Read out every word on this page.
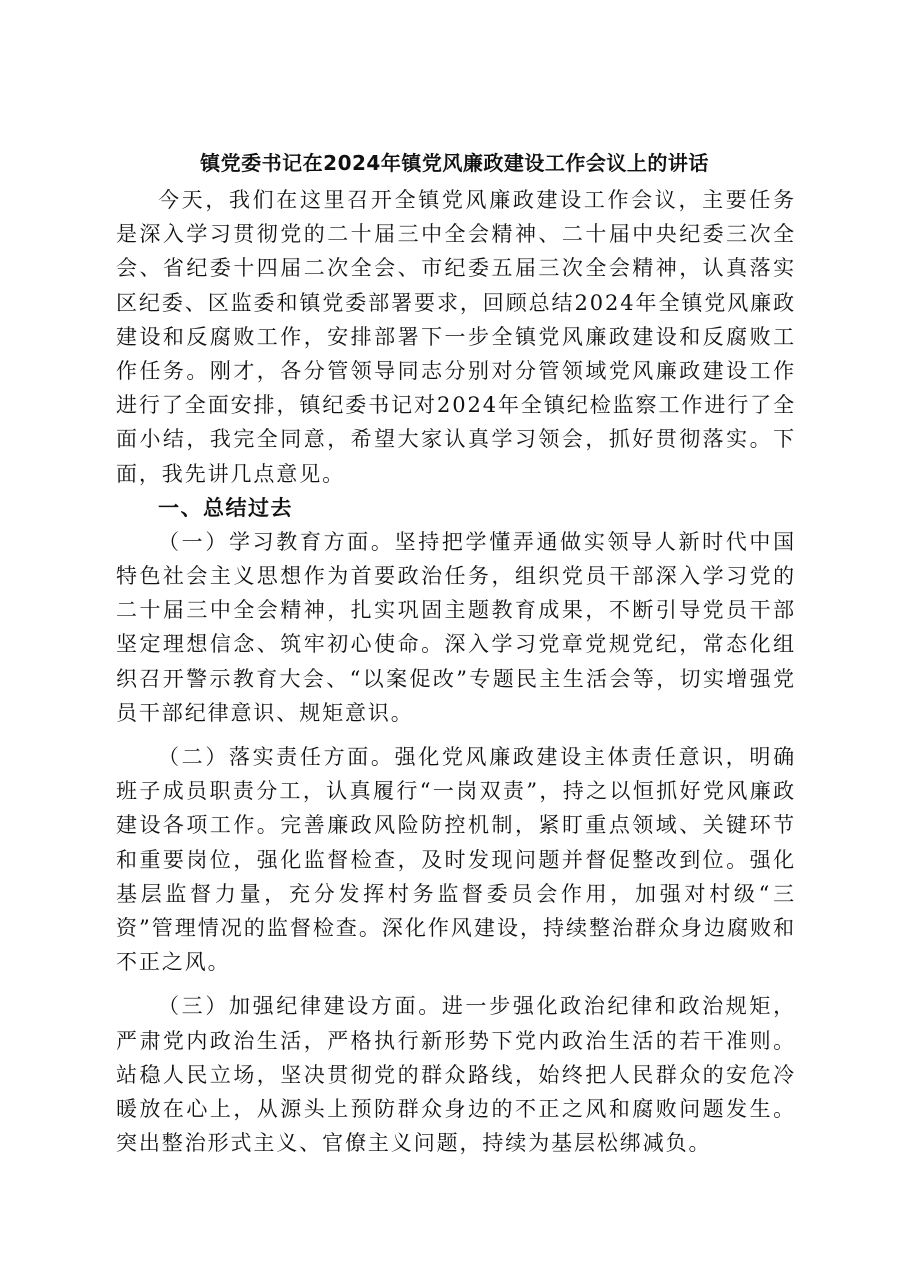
镇党委书记在2024年镇党风廉政建设工作会议上的讲话

今天，我们在这里召开全镇党风廉政建设工作会议，主要任务是深入学习贯彻党的二十届三中全会精神、二十届中央纪委三次全会、省纪委十四届二次全会、市纪委五届三次全会精神，认真落实区纪委、区监委和镇党委部署要求，回顾总结2024年全镇党风廉政建设和反腐败工作，安排部署下一步全镇党风廉政建设和反腐败工作任务。刚才，各分管领导同志分别对分管领域党风廉政建设工作进行了全面安排，镇纪委书记对2024年全镇纪检监察工作进行了全面小结，我完全同意，希望大家认真学习领会，抓好贯彻落实。下面，我先讲几点意见。

一、总结过去

（一）学习教育方面。坚持把学懂弄通做实领导人新时代中国特色社会主义思想作为首要政治任务，组织党员干部深入学习党的二十届三中全会精神，扎实巩固主题教育成果，不断引导党员干部坚定理想信念、筑牢初心使命。深入学习党章党规党纪，常态化组织召开警示教育大会、“以案促改”专题民主生活会等，切实增强党员干部纪律意识、规矩意识。

（二）落实责任方面。强化党风廉政建设主体责任意识，明确班子成员职责分工，认真履行“一岗双责”，持之以恒抓好党风廉政建设各项工作。完善廉政风险防控机制，紧盯重点领域、关键环节和重要岗位，强化监督检查，及时发现问题并督促整改到位。强化基层监督力量，充分发挥村务监督委员会作用，加强对村级“三资”管理情况的监督检查。深化作风建设，持续整治群众身边腐败和不正之风。

（三）加强纪律建设方面。进一步强化政治纪律和政治规矩，严肃党内政治生活，严格执行新形势下党内政治生活的若干准则。站稳人民立场，坚决贯彻党的群众路线，始终把人民群众的安危冷暖放在心上，从源头上预防群众身边的不正之风和腐败问题发生。突出整治形式主义、官僚主义问题，持续为基层松绑减负。
